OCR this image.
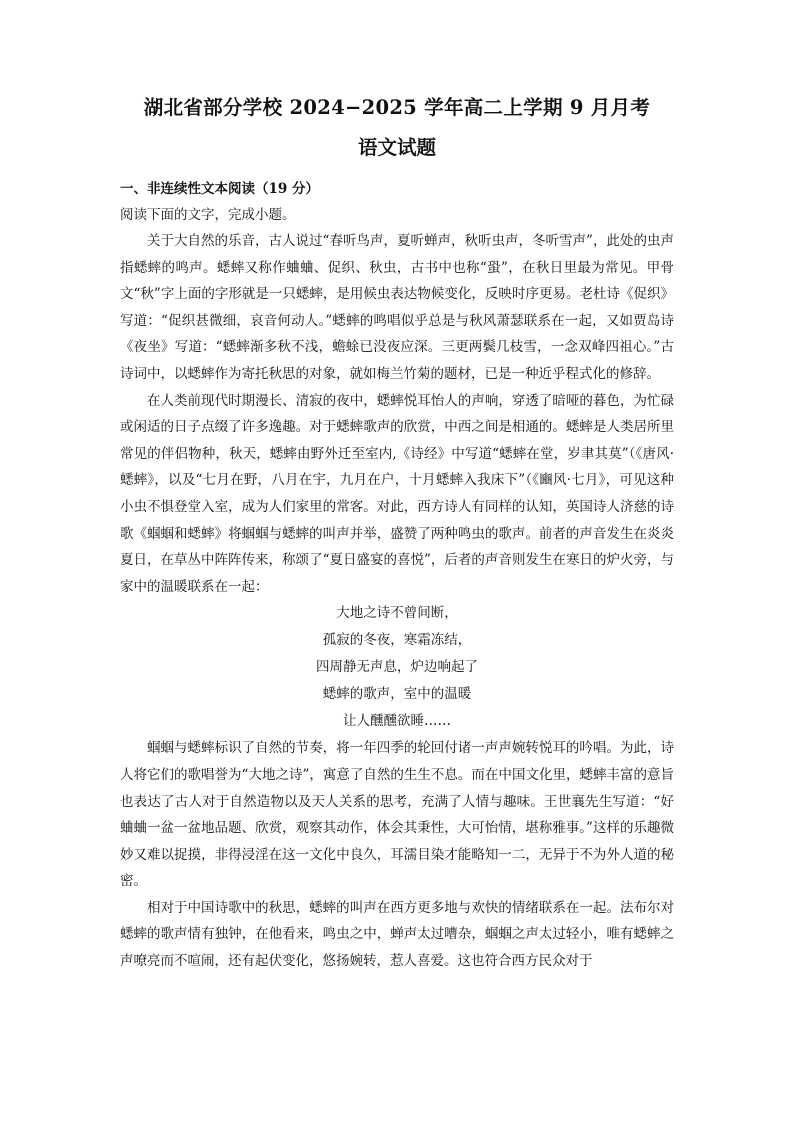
湖北省部分学校 2024−2025 学年高二上学期 9 月月考
语文试题
一、非连续性文本阅读（19 分）

阅读下面的文字，完成小题。

关于大自然的乐音，古人说过“春听鸟声，夏听蝉声，秋听虫声，冬听雪声”，此处的虫声指蟋蟀的鸣声。蟋蟀又称作蛐蛐、促织、秋虫，古书中也称“蛩”，在秋日里最为常见。甲骨文“秋”字上面的字形就是一只蟋蟀，是用候虫表达物候变化，反映时序更易。老杜诗《促织》写道：“促织甚微细，哀音何动人。”蟋蟀的鸣唱似乎总是与秋风萧瑟联系在一起，又如贾岛诗《夜坐》写道：“蟋蟀渐多秋不浅，蟾蜍已没夜应深。三更两鬓几枝雪，一念双峰四祖心。”古诗词中，以蟋蟀作为寄托秋思的对象，就如梅兰竹菊的题材，已是一种近乎程式化的修辞。

在人类前现代时期漫长、清寂的夜中，蟋蟀悦耳怡人的声响，穿透了暗哑的暮色，为忙碌或闲适的日子点缀了许多逸趣。对于蟋蟀歌声的欣赏，中西之间是相通的。蟋蟀是人类居所里常见的伴侣物种，秋天，蟋蟀由野外迁至室内,《诗经》中写道“蟋蟀在堂，岁聿其莫”（《唐风·蟋蟀》，以及“七月在野，八月在宇，九月在户，十月蟋蟀入我床下”（《豳风·七月》，可见这种小虫不惧登堂入室，成为人们家里的常客。对此，西方诗人有同样的认知，英国诗人济慈的诗歌《蝈蝈和蟋蟀》将蝈蝈与蟋蟀的叫声并举，盛赞了两种鸣虫的歌声。前者的声音发生在炎炎夏日，在草丛中阵阵传来，称颂了“夏日盛宴的喜悦”，后者的声音则发生在寒日的炉火旁，与家中的温暖联系在一起：

大地之诗不曾间断，

孤寂的冬夜，寒霜冻结，

四周静无声息，炉边响起了

蟋蟀的歌声，室中的温暖

让人醺醺欲睡……

蝈蝈与蟋蟀标识了自然的节奏，将一年四季的轮回付诸一声声婉转悦耳的吟唱。为此，诗人将它们的歌唱誉为“大地之诗”，寓意了自然的生生不息。而在中国文化里，蟋蟀丰富的意旨也表达了古人对于自然造物以及天人关系的思考，充满了人情与趣味。王世襄先生写道：“好蛐蛐一盆一盆地品题、欣赏，观察其动作，体会其秉性，大可怡情，堪称雅事。”这样的乐趣微妙又难以捉摸，非得浸淫在这一文化中良久，耳濡目染才能略知一二，无异于不为外人道的秘密。

相对于中国诗歌中的秋思，蟋蟀的叫声在西方更多地与欢快的情绪联系在一起。法布尔对蟋蟀的歌声情有独钟，在他看来，鸣虫之中，蝉声太过嘈杂，蝈蝈之声太过轻小，唯有蟋蟀之声嘹亮而不喧闹，还有起伏变化，悠扬婉转，惹人喜爱。这也符合西方民众对于
